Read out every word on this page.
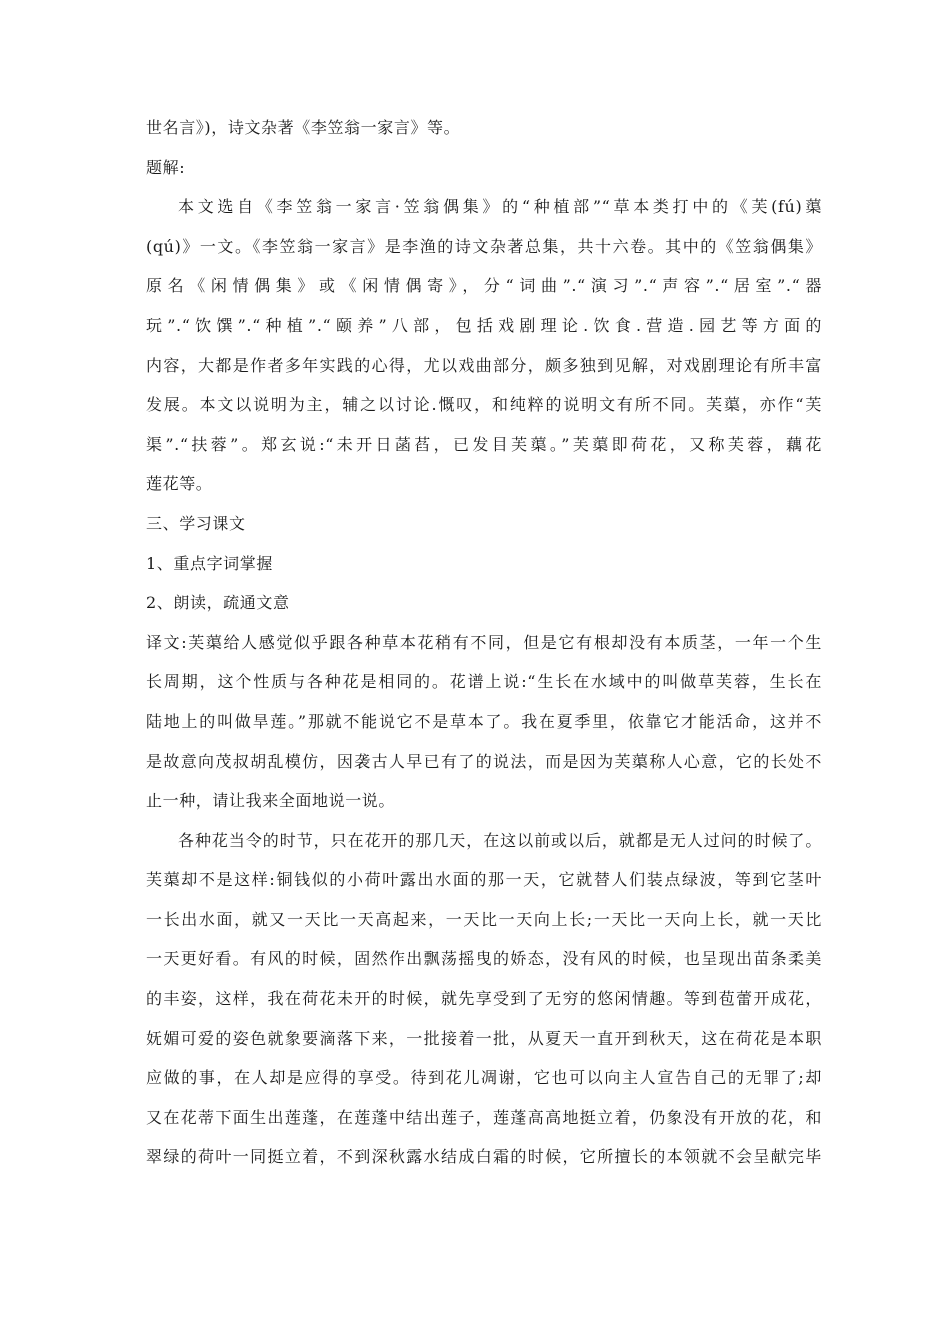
世名言》)，诗文杂著《李笠翁一家言》等。
题解:
本文选自《李笠翁一家言·笠翁偶集》的“种植部”“草本类打中的《芙(fú)蕖
(qú)》一文。《李笠翁一家言》是李渔的诗文杂著总集，共十六卷。其中的《笠翁偶集》
原名《闲情偶集》或《闲情偶寄》，分“词曲”.“演习”.“声容”.“居室”.“器
玩”.“饮馔”.“种植”.“颐养”八部，包括戏剧理论.饮食.营造.园艺等方面的
内容，大都是作者多年实践的心得，尤以戏曲部分，颇多独到见解，对戏剧理论有所丰富
发展。本文以说明为主，辅之以讨论.慨叹，和纯粹的说明文有所不同。芙蕖，亦作“芙
渠”.“扶蓉”。郑玄说:“未开日菡萏，已发目芙蕖。”芙蕖即荷花，又称芙蓉，藕花
莲花等。
三、学习课文
1、重点字词掌握
2、朗读，疏通文意
译文:芙蕖给人感觉似乎跟各种草本花稍有不同，但是它有根却没有本质茎，一年一个生
长周期，这个性质与各种花是相同的。花谱上说:“生长在水域中的叫做草芙蓉，生长在
陆地上的叫做旱莲。”那就不能说它不是草本了。我在夏季里，依靠它才能活命，这并不
是故意向茂叔胡乱模仿，因袭古人早已有了的说法，而是因为芙蕖称人心意，它的长处不
止一种，请让我来全面地说一说。
各种花当令的时节，只在花开的那几天，在这以前或以后，就都是无人过问的时候了。
芙蕖却不是这样:铜钱似的小荷叶露出水面的那一天，它就替人们装点绿波，等到它茎叶
一长出水面，就又一天比一天高起来，一天比一天向上长;一天比一天向上长，就一天比
一天更好看。有风的时候，固然作出飘荡摇曳的娇态，没有风的时候，也呈现出苗条柔美
的丰姿，这样，我在荷花未开的时候，就先享受到了无穷的悠闲情趣。等到苞蕾开成花，
妩媚可爱的姿色就象要滴落下来，一批接着一批，从夏天一直开到秋天，这在荷花是本职
应做的事，在人却是应得的享受。待到花儿凋谢，它也可以向主人宣告自己的无罪了;却
又在花蒂下面生出莲蓬，在莲蓬中结出莲子，莲蓬高高地挺立着，仍象没有开放的花，和
翠绿的荷叶一同挺立着，不到深秋露水结成白霜的时候，它所擅长的本领就不会呈献完毕
